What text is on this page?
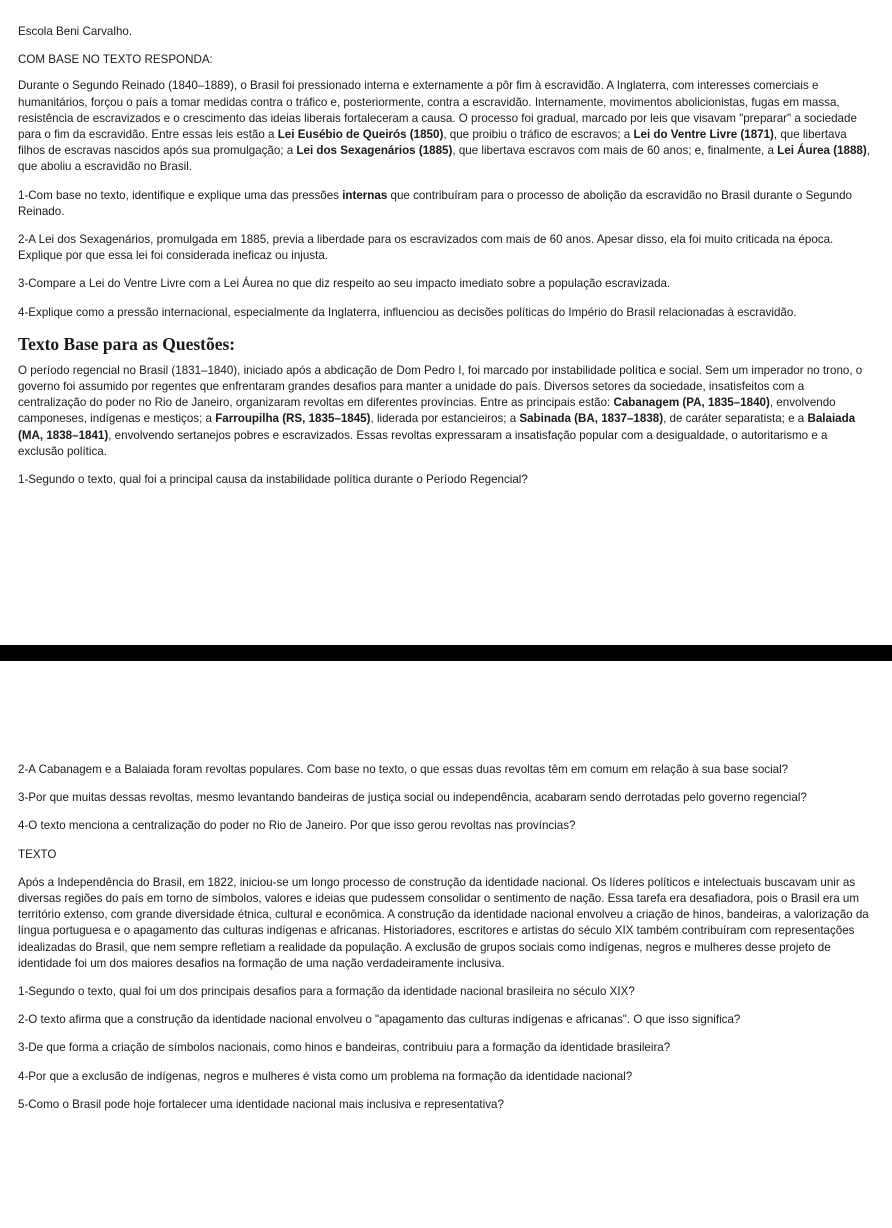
Escola Beni Carvalho.

COM BASE NO TEXTO RESPONDA:

Durante o Segundo Reinado (1840–1889), o Brasil foi pressionado interna e externamente a pôr fim à escravidão. A Inglaterra, com interesses comerciais e humanitários, forçou o país a tomar medidas contra o tráfico e, posteriormente, contra a escravidão. Internamente, movimentos abolicionistas, fugas em massa, resistência de escravizados e o crescimento das ideias liberais fortaleceram a causa. O processo foi gradual, marcado por leis que visavam "preparar" a sociedade para o fim da escravidão. Entre essas leis estão a Lei Eusébio de Queirós (1850), que proibiu o tráfico de escravos; a Lei do Ventre Livre (1871), que libertava filhos de escravas nascidos após sua promulgação; a Lei dos Sexagenários (1885), que libertava escravos com mais de 60 anos; e, finalmente, a Lei Áurea (1888), que aboliu a escravidão no Brasil.

1-Com base no texto, identifique e explique uma das pressões internas que contribuíram para o processo de abolição da escravidão no Brasil durante o Segundo Reinado.

2-A Lei dos Sexagenários, promulgada em 1885, previa a liberdade para os escravizados com mais de 60 anos. Apesar disso, ela foi muito criticada na época. Explique por que essa lei foi considerada ineficaz ou injusta.

3-Compare a Lei do Ventre Livre com a Lei Áurea no que diz respeito ao seu impacto imediato sobre a população escravizada.

4-Explique como a pressão internacional, especialmente da Inglaterra, influenciou as decisões políticas do Império do Brasil relacionadas à escravidão.

Texto Base para as Questões:

O período regencial no Brasil (1831–1840), iniciado após a abdicação de Dom Pedro I, foi marcado por instabilidade política e social. Sem um imperador no trono, o governo foi assumido por regentes que enfrentaram grandes desafios para manter a unidade do país. Diversos setores da sociedade, insatisfeitos com a centralização do poder no Rio de Janeiro, organizaram revoltas em diferentes províncias. Entre as principais estão: Cabanagem (PA, 1835–1840), envolvendo camponeses, indígenas e mestiços; a Farroupilha (RS, 1835–1845), liderada por estancieiros; a Sabinada (BA, 1837–1838), de caráter separatista; e a Balaiada (MA, 1838–1841), envolvendo sertanejos pobres e escravizados. Essas revoltas expressaram a insatisfação popular com a desigualdade, o autoritarismo e a exclusão política.

1-Segundo o texto, qual foi a principal causa da instabilidade política durante o Período Regencial?

2-A Cabanagem e a Balaiada foram revoltas populares. Com base no texto, o que essas duas revoltas têm em comum em relação à sua base social?

3-Por que muitas dessas revoltas, mesmo levantando bandeiras de justiça social ou independência, acabaram sendo derrotadas pelo governo regencial?

4-O texto menciona a centralização do poder no Rio de Janeiro. Por que isso gerou revoltas nas províncias?

TEXTO

Após a Independência do Brasil, em 1822, iniciou-se um longo processo de construção da identidade nacional. Os líderes políticos e intelectuais buscavam unir as diversas regiões do país em torno de símbolos, valores e ideias que pudessem consolidar o sentimento de nação. Essa tarefa era desafiadora, pois o Brasil era um território extenso, com grande diversidade étnica, cultural e econômica. A construção da identidade nacional envolveu a criação de hinos, bandeiras, a valorização da língua portuguesa e o apagamento das culturas indígenas e africanas. Historiadores, escritores e artistas do século XIX também contribuíram com representações idealizadas do Brasil, que nem sempre refletiam a realidade da população. A exclusão de grupos sociais como indígenas, negros e mulheres desse projeto de identidade foi um dos maiores desafios na formação de uma nação verdadeiramente inclusiva.

1-Segundo o texto, qual foi um dos principais desafios para a formação da identidade nacional brasileira no século XIX?

2-O texto afirma que a construção da identidade nacional envolveu o "apagamento das culturas indígenas e africanas". O que isso significa?

3-De que forma a criação de símbolos nacionais, como hinos e bandeiras, contribuiu para a formação da identidade brasileira?

4-Por que a exclusão de indígenas, negros e mulheres é vista como um problema na formação da identidade nacional?

5-Como o Brasil pode hoje fortalecer uma identidade nacional mais inclusiva e representativa?
